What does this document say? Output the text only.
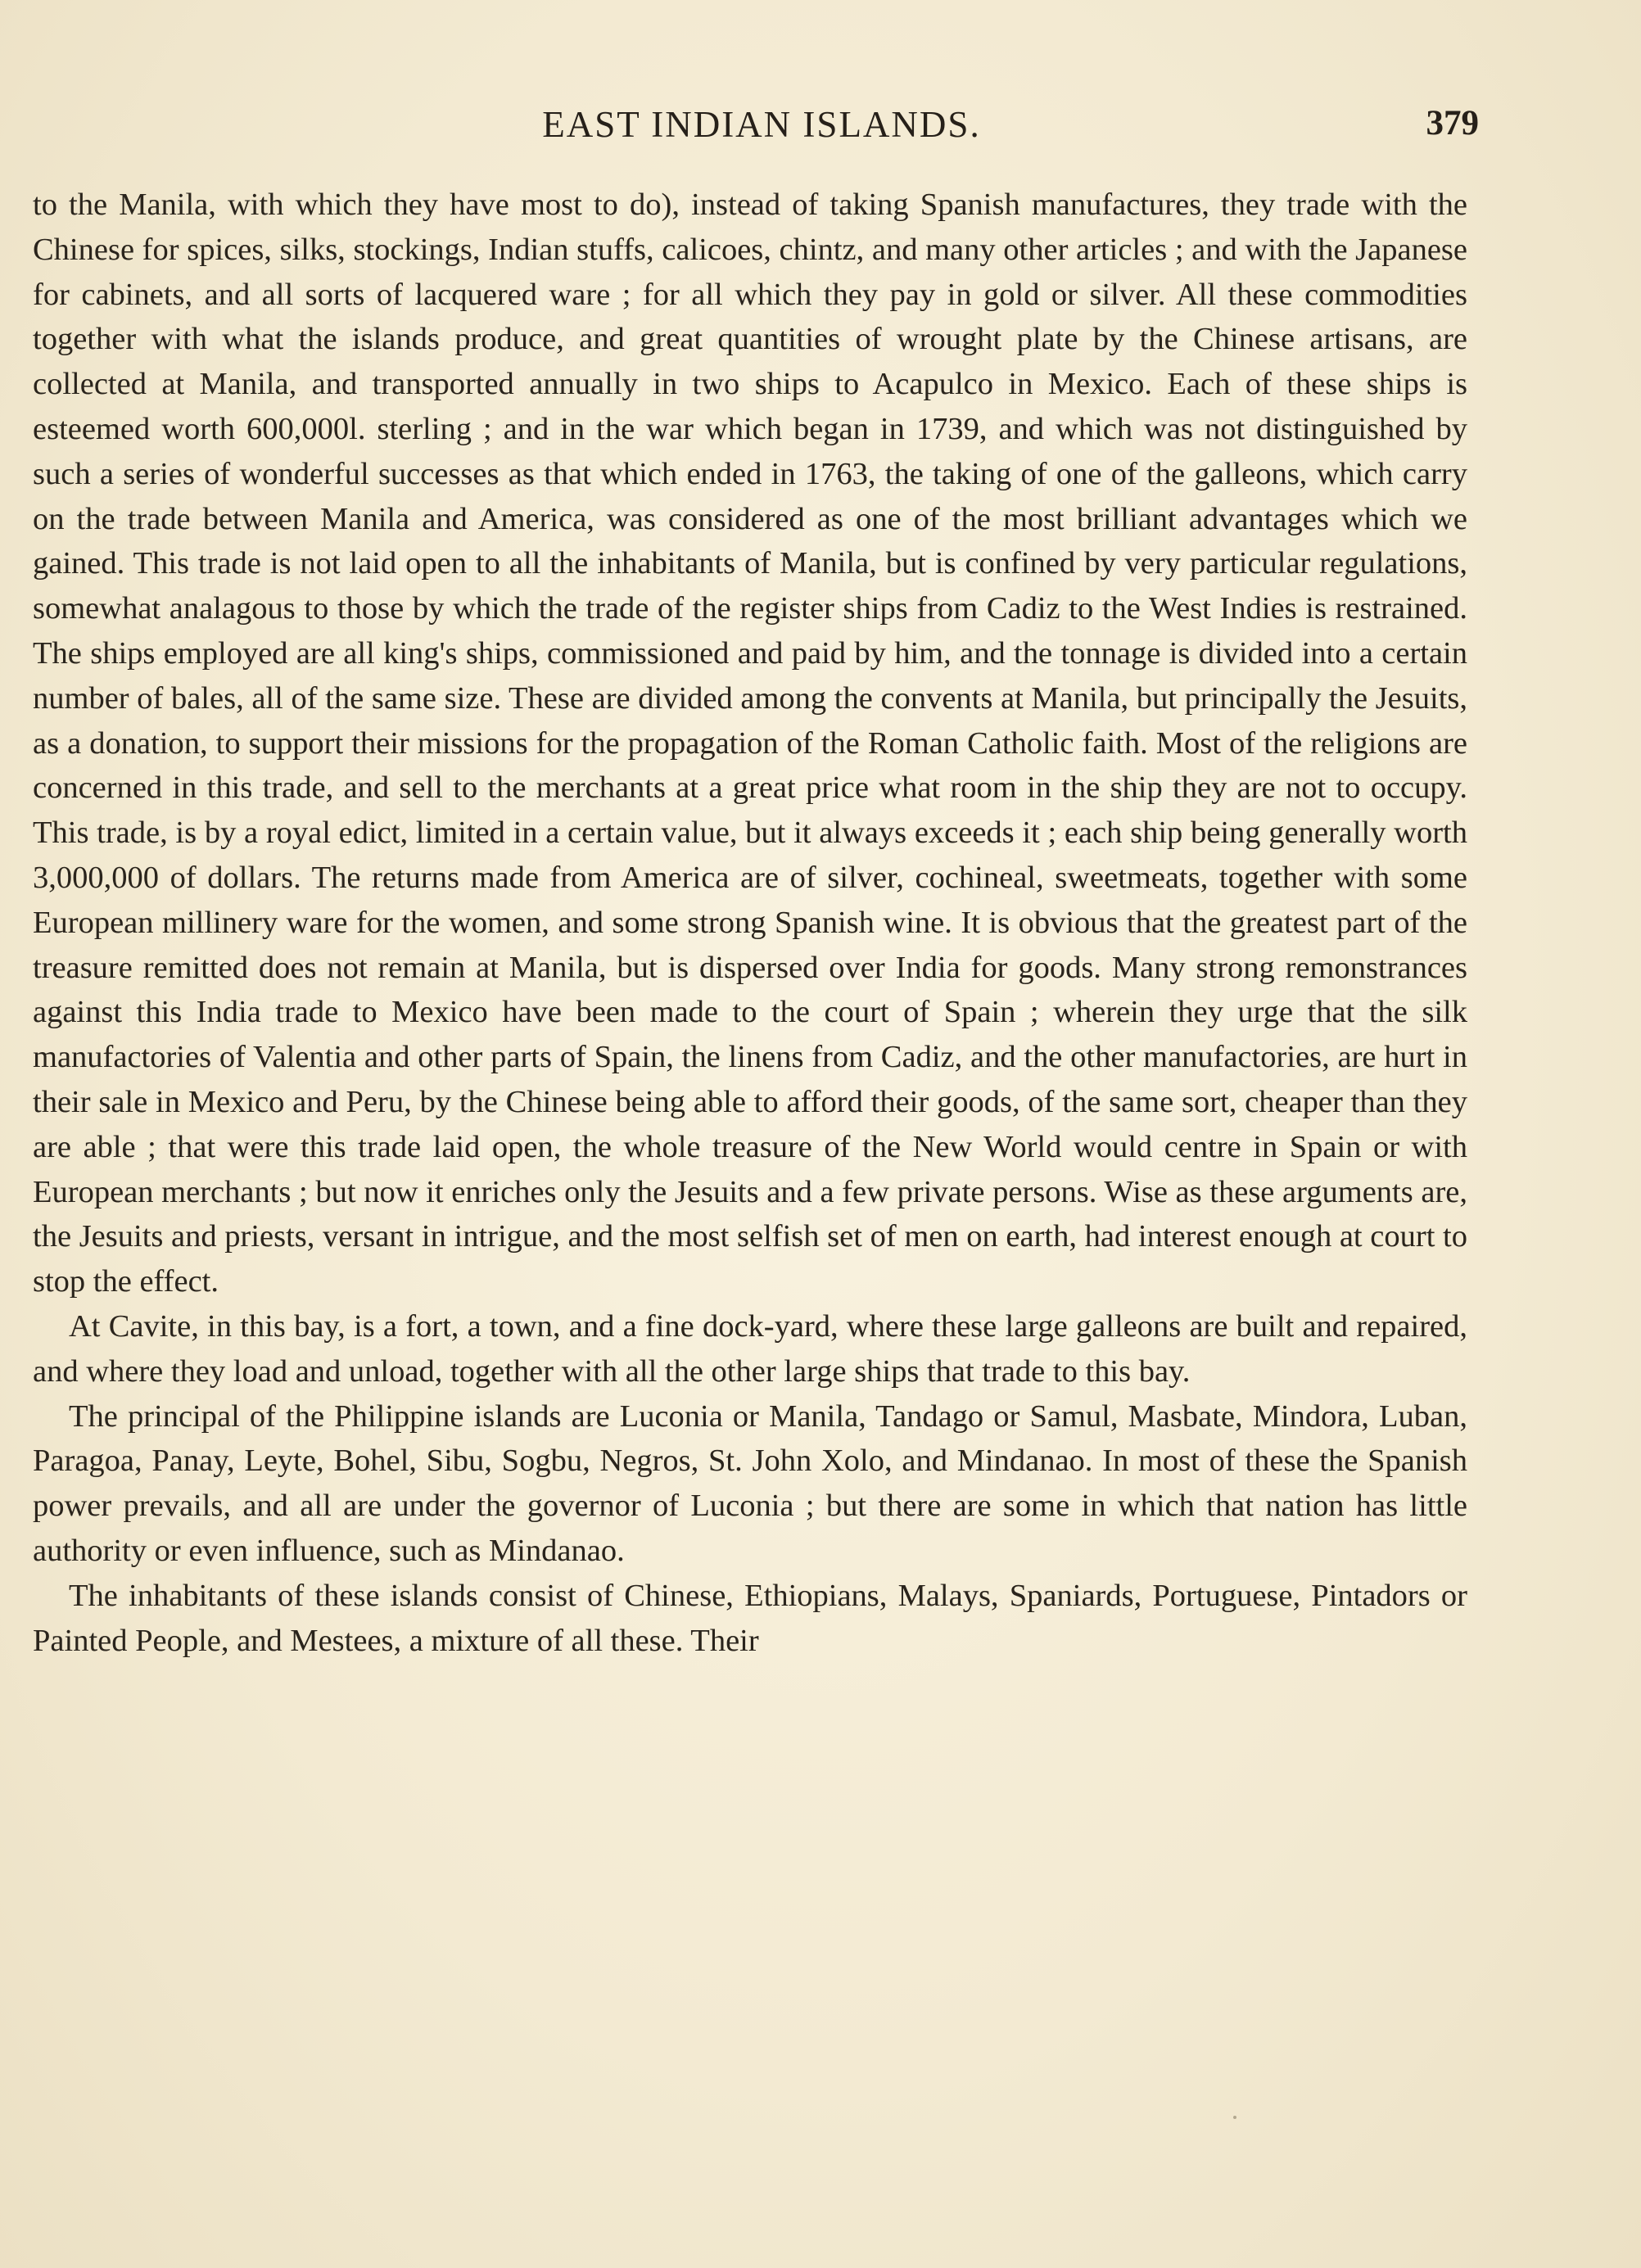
EAST INDIAN ISLANDS.	379

to the Manila, with which they have most to do), instead of taking Spanish manufactures, they trade with the Chinese for spices, silks, stockings, Indian stuffs, calicoes, chintz, and many other articles ; and with the Japanese for cabinets, and all sorts of lacquered ware ; for all which they pay in gold or silver. All these commodities together with what the islands produce, and great quantities of wrought plate by the Chinese artisans, are collected at Manila, and transported annually in two ships to Acapulco in Mexico. Each of these ships is esteemed worth 600,000l. sterling ; and in the war which began in 1739, and which was not distinguished by such a series of wonderful successes as that which ended in 1763, the taking of one of the galleons, which carry on the trade between Manila and America, was considered as one of the most brilliant advantages which we gained. This trade is not laid open to all the inhabitants of Manila, but is confined by very particular regulations, somewhat analagous to those by which the trade of the register ships from Cadiz to the West Indies is restrained. The ships employed are all king's ships, commissioned and paid by him, and the tonnage is divided into a certain number of bales, all of the same size. These are divided among the convents at Manila, but principally the Jesuits, as a donation, to support their missions for the propagation of the Roman Catholic faith. Most of the religions are concerned in this trade, and sell to the merchants at a great price what room in the ship they are not to occupy. This trade, is by a royal edict, limited in a certain value, but it always exceeds it ; each ship being generally worth 3,000,000 of dollars. The returns made from America are of silver, cochineal, sweetmeats, together with some European millinery ware for the women, and some strong Spanish wine. It is obvious that the greatest part of the treasure remitted does not remain at Manila, but is dispersed over India for goods. Many strong remonstrances against this India trade to Mexico have been made to the court of Spain ; wherein they urge that the silk manufactories of Valentia and other parts of Spain, the linens from Cadiz, and the other manufactories, are hurt in their sale in Mexico and Peru, by the Chinese being able to afford their goods, of the same sort, cheaper than they are able ; that were this trade laid open, the whole treasure of the New World would centre in Spain or with European merchants ; but now it enriches only the Jesuits and a few private persons. Wise as these arguments are, the Jesuits and priests, versant in intrigue, and the most selfish set of men on earth, had interest enough at court to stop the effect.

At Cavite, in this bay, is a fort, a town, and a fine dock-yard, where these large galleons are built and repaired, and where they load and unload, together with all the other large ships that trade to this bay.

The principal of the Philippine islands are Luconia or Manila, Tandago or Samul, Masbate, Mindora, Luban, Paragoa, Panay, Leyte, Bohel, Sibu, Sogbu, Negros, St. John Xolo, and Mindanao. In most of these the Spanish power prevails, and all are under the governor of Luconia ; but there are some in which that nation has little authority or even influence, such as Mindanao.

The inhabitants of these islands consist of Chinese, Ethiopians, Malays, Spaniards, Portuguese, Pintadors or Painted People, and Mestees, a mixture of all these. Their
